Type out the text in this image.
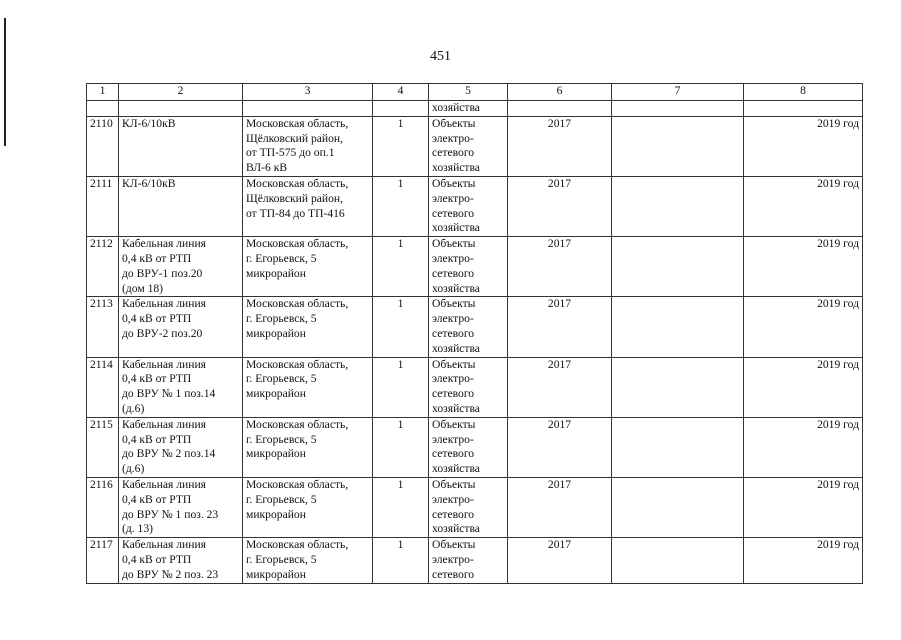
451
1	2	3	4	5	6	7	8

				хозяйства			

2110	КЛ-6/10кВ	Московская область,
Щёлковский район,
от ТП-575 до оп.1
ВЛ-6 кВ	1	Объекты
электро-
сетевого
хозяйства	2017		2019 год
2111	КЛ-6/10кВ	Московская область,
Щёлковский район,
от ТП-84 до ТП-416	1	Объекты
электро-
сетевого
хозяйства	2017		2019 год
2112	Кабельная линия
0,4 кВ от РТП
до ВРУ-1 поз.20
(дом 18)	Московская область,
г. Егорьевск, 5
микрорайон	1	Объекты
электро-
сетевого
хозяйства	2017		2019 год
2113	Кабельная линия
0,4 кВ от РТП
до ВРУ-2 поз.20	Московская область,
г. Егорьевск, 5
микрорайон	1	Объекты
электро-
сетевого
хозяйства	2017		2019 год
2114	Кабельная линия
0,4 кВ от РТП
до ВРУ № 1 поз.14
(д.6)	Московская область,
г. Егорьевск, 5
микрорайон	1	Объекты
электро-
сетевого
хозяйства	2017		2019 год
2115	Кабельная линия
0,4 кВ от РТП
до ВРУ № 2 поз.14
(д.6)	Московская область,
г. Егорьевск, 5
микрорайон	1	Объекты
электро-
сетевого
хозяйства	2017		2019 год
2116	Кабельная линия
0,4 кВ от РТП
до ВРУ № 1 поз. 23
(д. 13)	Московская область,
г. Егорьевск, 5
микрорайон	1	Объекты
электро-
сетевого
хозяйства	2017		2019 год
2117	Кабельная линия
0,4 кВ от РТП
до ВРУ № 2 поз. 23	Московская область,
г. Егорьевск, 5
микрорайон	1	Объекты
электро-
сетевого	2017		2019 год
